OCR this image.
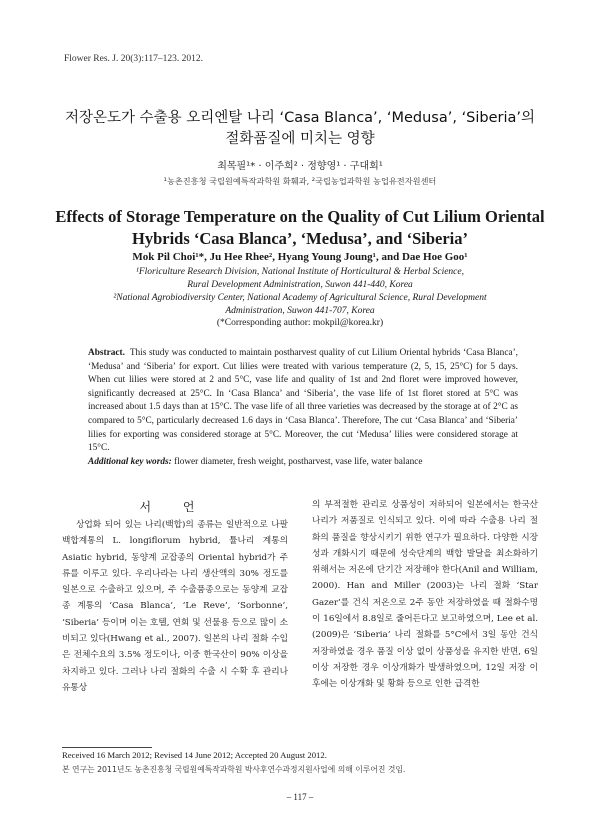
Flower Res. J. 20(3):117–123. 2012.
저장온도가 수출용 오리엔탈 나리 ‘Casa Blanca’, ‘Medusa’, ‘Siberia’의
절화품질에 미치는 영향
최목필¹* · 이주희² · 정향영¹ · 구대회¹
¹농촌진흥청 국립원예특작과학원 화훼과, ²국립농업과학원 농업유전자원센터
Effects of Storage Temperature on the Quality of Cut Lilium Oriental
Hybrids ‘Casa Blanca’, ‘Medusa’, and ‘Siberia’
Mok Pil Choi¹*, Ju Hee Rhee², Hyang Young Joung¹, and Dae Hoe Goo¹
¹Floriculture Research Division, National Institute of Horticultural & Herbal Science,
Rural Development Administration, Suwon 441-440, Korea
²National Agrobiodiversity Center, National Academy of Agricultural Science, Rural Development
Administration, Suwon 441-707, Korea
(*Corresponding author: mokpil@korea.kr)
Abstract. This study was conducted to maintain postharvest quality of cut Lilium Oriental hybrids ‘Casa Blanca’, ‘Medusa’ and ‘Siberia’ for export. Cut lilies were treated with various temperature (2, 5, 15, 25°C) for 5 days. When cut lilies were stored at 2 and 5°C, vase life and quality of 1st and 2nd floret were improved however, significantly decreased at 25°C. In ‘Casa Blanca’ and ‘Siberia’, the vase life of 1st floret stored at 5°C was increased about 1.5 days than at 15°C. The vase life of all three varieties was decreased by the storage at of 2°C as compared to 5°C, particularly decreased 1.6 days in ‘Casa Blanca’. Therefore, The cut ‘Casa Blanca’ and ‘Siberia’ lilies for exporting was considered storage at 5°C. Moreover, the cut ‘Medusa’ lilies were considered storage at 15°C.
Additional key words: flower diameter, fresh weight, postharvest, vase life, water balance
서 언

상업화 되어 있는 나리(백합)의 종류는 일반적으로 나팔백합계통의 L. longiflorum hybrid, 튤나리 계통의 Asiatic hybrid, 동양계 교잡종의 Oriental hybrid가 주류를 이루고 있다. 우리나라는 나리 생산액의 30% 정도를 일본으로 수출하고 있으며, 주 수출품종으로는 동양계 교잡종 계통의 ‘Casa Blanca’, ‘Le Reve’, ‘Sorbonne’, ‘Siberia’ 등이며 이는 호텔, 연회 및 선물용 등으로 많이 소비되고 있다(Hwang et al., 2007). 일본의 나리 절화 수입은 전체수요의 3.5% 정도이나, 이중 한국산이 90% 이상을 차지하고 있다. 그러나 나리 절화의 수출 시 수확 후 관리나 유통상

의 부적절한 관리로 상품성이 저하되어 일본에서는 한국산 나리가 저품질로 인식되고 있다. 이에 따라 수출용 나리 절화의 품질을 향상시키기 위한 연구가 필요하다. 다양한 시장성과 개화시기 때문에 성숙단계의 백합 발달을 최소화하기 위해서는 저온에 단기간 저장해야 한다(Anil and William, 2000). Han and Miller (2003)는 나리 절화 ‘Star Gazer’를 건식 저온으로 2주 동안 저장하였을 때 절화수명이 16일에서 8.8일로 줄어든다고 보고하였으며, Lee et al.(2009)은 ‘Siberia’ 나리 절화를 5°C에서 3일 동안 건식 저장하였을 경우 품질 이상 없이 상품성을 유지한 반면, 6일 이상 저장한 경우 이상개화가 발생하였으며, 12일 저장 이후에는 이상개화 및 황화 등으로 인한 급격한

Received 16 March 2012; Revised 14 June 2012; Accepted 20 August 2012.
본 연구는 2011년도 농촌진흥청 국립원예특작과학원 박사후연수과정지원사업에 의해 이루어진 것임.
– 117 –
